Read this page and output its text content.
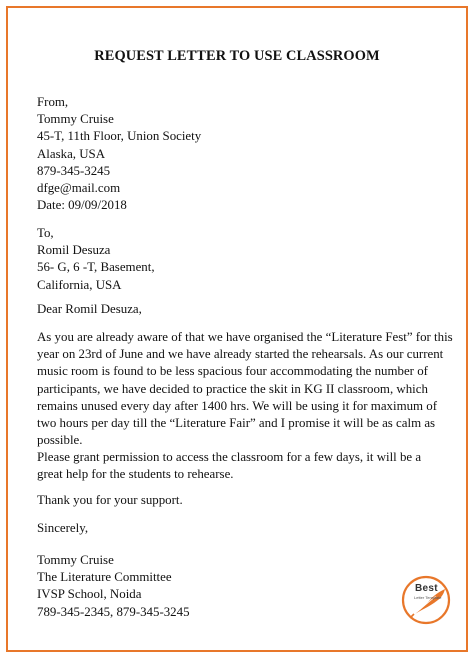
REQUEST LETTER TO USE CLASSROOM
From,
Tommy Cruise
45-T, 11th Floor, Union Society
Alaska, USA
879-345-3245
dfge@mail.com
Date: 09/09/2018
To,
Romil Desuza
56- G, 6 -T, Basement,
California, USA
Dear Romil Desuza,
As you are already aware of that we have organised the “Literature Fest” for this
year on 23rd of June and we have already started the rehearsals. As our current
music room is found to be less spacious four accommodating the number of
participants, we have decided to practice the skit in KG II classroom, which
remains unused every day after 1400 hrs. We will be using it for maximum of
two hours per day till the “Literature Fair” and I promise it will be as calm as
possible.
Please grant permission to access the classroom for a few days, it will be a
great help for the students to rehearse.
Thank you for your support.
Sincerely,
Tommy Cruise
The Literature Committee
IVSP School, Noida
789-345-2345, 879-345-3245
Best
Letter Template
